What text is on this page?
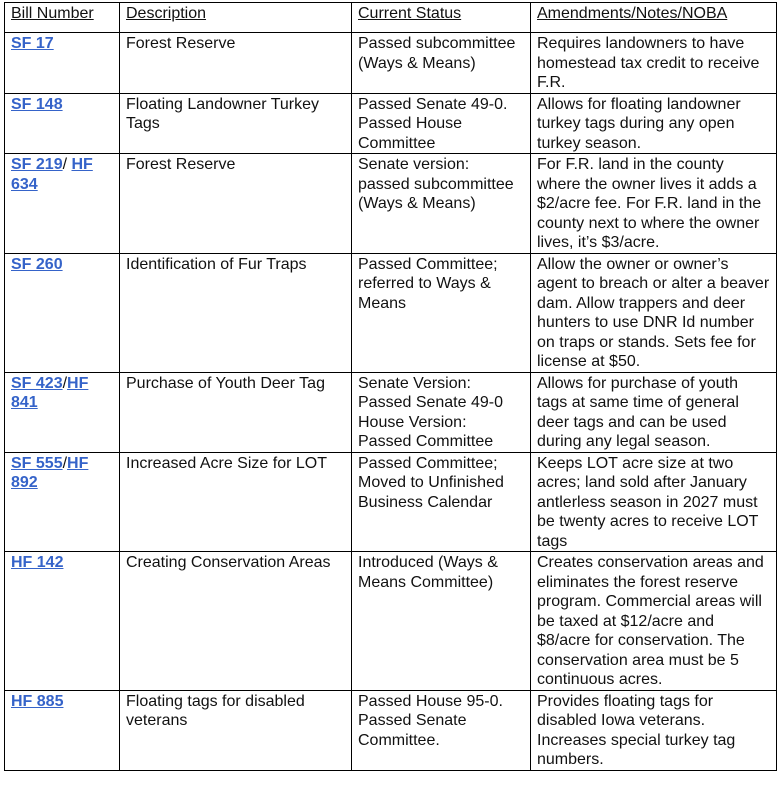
Bill Number	Description	Current Status	Amendments/Notes/NOBA
SF 17	Forest Reserve	Passed subcommittee (Ways & Means)	Requires landowners to have homestead tax credit to receive F.R.
SF 148	Floating Landowner Turkey Tags	Passed Senate 49-0. Passed House Committee	Allows for floating landowner turkey tags during any open turkey season.
SF 219/ HF 634	Forest Reserve	Senate version: passed subcommittee (Ways & Means)	For F.R. land in the county where the owner lives it adds a $2/acre fee. For F.R. land in the county next to where the owner lives, it’s $3/acre.
SF 260	Identification of Fur Traps	Passed Committee; referred to Ways & Means	Allow the owner or owner’s agent to breach or alter a beaver dam. Allow trappers and deer hunters to use DNR Id number on traps or stands. Sets fee for license at $50.
SF 423/HF 841	Purchase of Youth Deer Tag	Senate Version: Passed Senate 49-0 House Version: Passed Committee	Allows for purchase of youth tags at same time of general deer tags and can be used during any legal season.
SF 555/HF 892	Increased Acre Size for LOT	Passed Committee; Moved to Unfinished Business Calendar	Keeps LOT acre size at two acres; land sold after January antlerless season in 2027 must be twenty acres to receive LOT tags
HF 142	Creating Conservation Areas	Introduced (Ways & Means Committee)	Creates conservation areas and eliminates the forest reserve program. Commercial areas will be taxed at $12/acre and $8/acre for conservation. The conservation area must be 5 continuous acres.
HF 885	Floating tags for disabled veterans	Passed House 95-0. Passed Senate Committee.	Provides floating tags for disabled Iowa veterans. Increases special turkey tag numbers.
